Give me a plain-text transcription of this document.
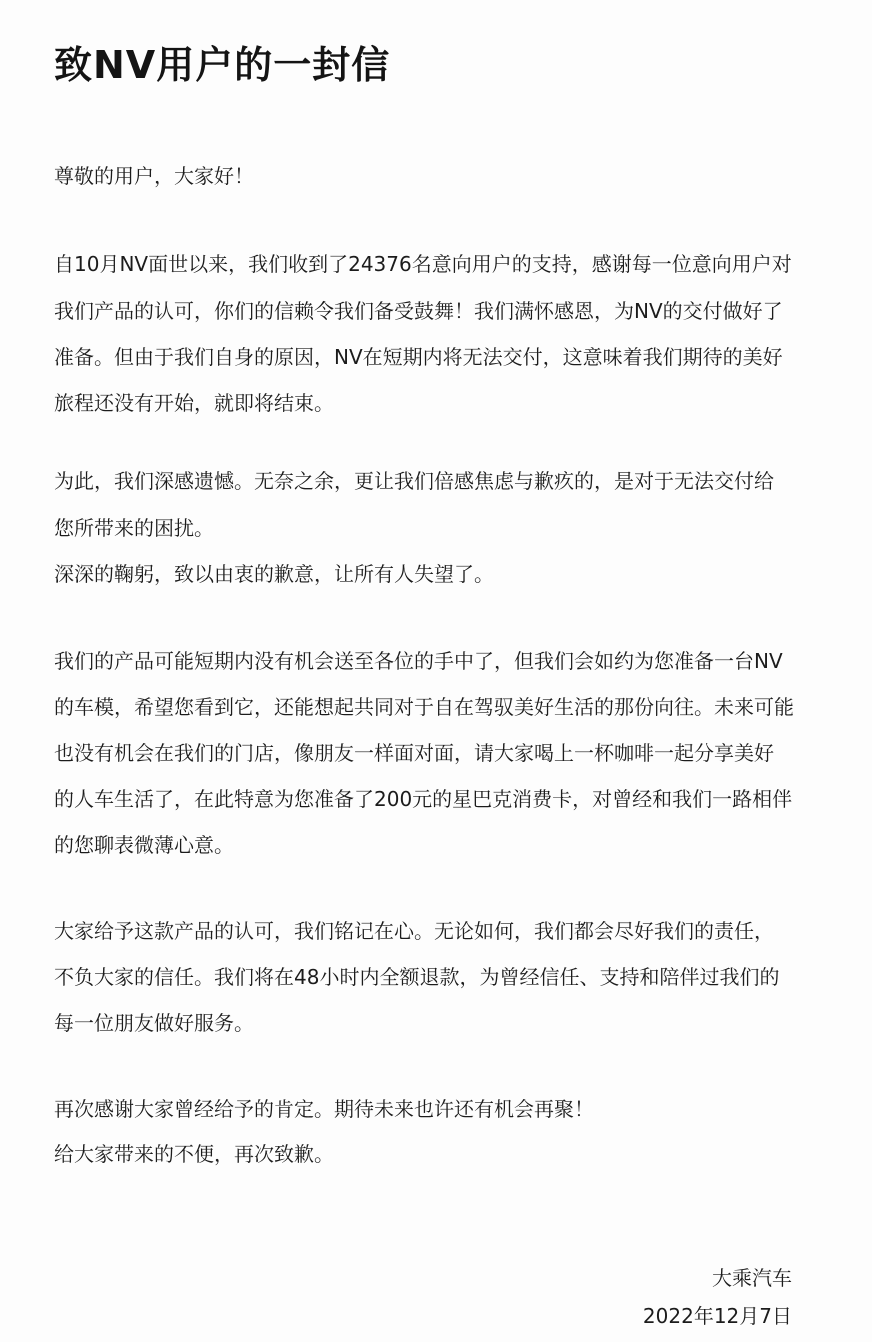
致NV用户的一封信
尊敬的用户，大家好！
自10月NV面世以来，我们收到了24376名意向用户的支持，感谢每一位意向用户对
我们产品的认可，你们的信赖令我们备受鼓舞！我们满怀感恩，为NV的交付做好了
准备。但由于我们自身的原因，NV在短期内将无法交付，这意味着我们期待的美好
旅程还没有开始，就即将结束。
为此，我们深感遗憾。无奈之余，更让我们倍感焦虑与歉疚的，是对于无法交付给
您所带来的困扰。
深深的鞠躬，致以由衷的歉意，让所有人失望了。
我们的产品可能短期内没有机会送至各位的手中了，但我们会如约为您准备一台NV
的车模，希望您看到它，还能想起共同对于自在驾驭美好生活的那份向往。未来可能
也没有机会在我们的门店，像朋友一样面对面，请大家喝上一杯咖啡一起分享美好
的人车生活了，在此特意为您准备了200元的星巴克消费卡，对曾经和我们一路相伴
的您聊表微薄心意。
大家给予这款产品的认可，我们铭记在心。无论如何，我们都会尽好我们的责任，
不负大家的信任。我们将在48小时内全额退款，为曾经信任、支持和陪伴过我们的
每一位朋友做好服务。
再次感谢大家曾经给予的肯定。期待未来也许还有机会再聚！
给大家带来的不便，再次致歉。
大乘汽车
2022年12月7日
